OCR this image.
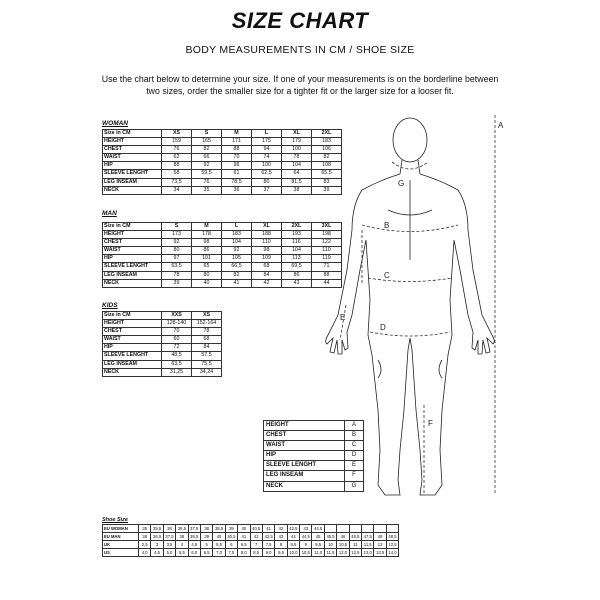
SIZE CHART
BODY MEASUREMENTS IN CM / SHOE SIZE
Use the chart below to determine your size. If one of your measurements is on the borderline between two sizes, order the smaller size for a tighter fit or the larger size for a looser fit.
WOMAN
Size in CM	XS	S	M	L	XL	2XL
HEIGHT	159	165	171	175	179	183
CHEST	76	82	88	94	100	106
WAIST	62	66	70	74	78	82
HIP	88	92	96	100	104	108
SLEEVE LENGHT	58	59,5	61	62,5	64	65,5
LEG INSEAM	73,5	76	78,5	80	81,5	83
NECK	34	35	36	37	38	39
MAN
Size in CM	S	M	L	XL	2XL	3XL
HEIGHT	173	178	183	188	193	198
CHEST	92	98	104	110	116	122
WAIST	80	86	92	98	104	110
HIP	97	101	105	109	113	119
SLEEVE LENGHT	63,5	65	66,5	68	69,5	71
LEG INSEAM	78	80	82	84	86	88
NECK	39	40	41	42	43	44
KIDS
Size in CM	XXS	XS
HEIGHT	128-140	152-164
CHEST	70	78
WAIST	60	68
HIP	72	84
SLEEVE LENGHT	48,5	57,5
LEG INSEAM	63,5	75,5
NECK	31,25	34,24
HEIGHT	A
CHEST	B
WAIST	C
HIP	D
SLEEVE LENGHT	E
LEG INSEAM	F
NECK	G
A
B
C
D
E
F
G
Shoe Size
EU WOMAN	35	35,5	36	36,5	37,5	38	38,5	39	40	40,5	41	42	42,5	43	44,5						
EU MAN	36	36,5	37,5	38	38,5	39	40	40,5	41	42	42,5	43	44	44,5	45	45,5	46	46,5	47,5	48	48,5
UK	2,5	3	3,5	4	4,5	5	5,5	6	6,5	7	7,5	8	8,5	9	9,5	10	10,5	11	11,5	12	12,5
US	4,0	4,5	5,0	5,5	6,0	6,5	7,0	7,5	8,0	8,5	9,0	9,5	10,0	10,5	11,0	11,5	12,0	12,5	13,0	13,5	14,0
